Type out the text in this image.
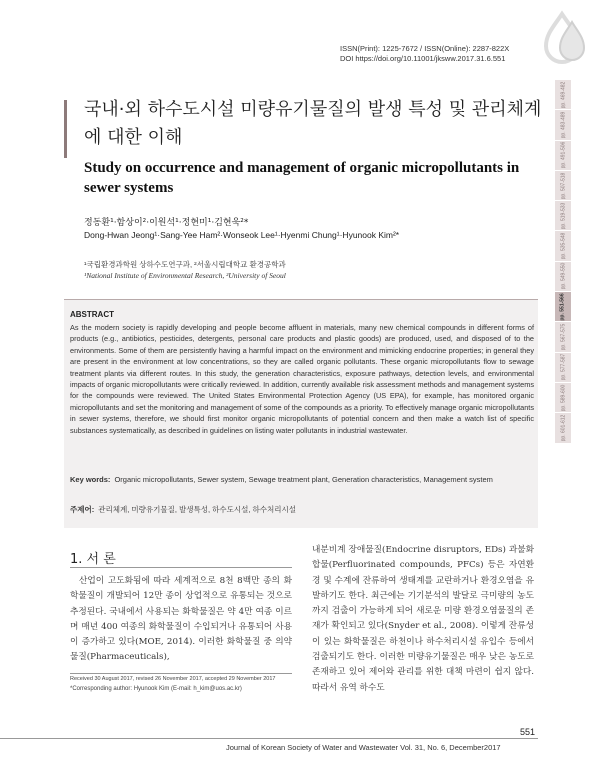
ISSN(Print): 1225-7672 / ISSN(Online): 2287-822X
DOI https://doi.org/10.11001/jksww.2017.31.6.551
pp. 469-482
pp. 483-489
pp. 491-506
pp. 507-518
pp. 519-533
pp. 535-548
pp. 549-550
pp. 551-566
pp. 567-575
pp. 577-587
pp. 589-600
pp. 601-612
국내·외 하수도시설 미량유기물질의 발생 특성 및 관리체계에 대한 이해
Study on occurrence and management of organic micropollutants in sewer systems
정동환¹·함상이²·이원석¹·정현미¹·김현욱²*
Dong-Hwan Jeong¹·Sang-Yee Ham²·Wonseok Lee¹·Hyenmi Chung¹·Hyunook Kim²*
¹국립환경과학원 상하수도연구과, ²서울시립대학교 환경공학과
¹National Institute of Environmental Research, ²University of Seoul
ABSTRACT
As the modern society is rapidly developing and people become affluent in materials, many new chemical compounds in different forms of products (e.g., antibiotics, pesticides, detergents, personal care products and plastic goods) are produced, used, and disposed of to the environments. Some of them are persistently having a harmful impact on the environment and mimicking endocrine properties; in general they are present in the environment at low concentrations, so they are called organic pollutants. These organic micropollutants flow to sewage treatment plants via different routes. In this study, the generation characteristics, exposure pathways, detection levels, and environmental impacts of organic micropollutants were critically reviewed. In addition, currently available risk assessment methods and management systems for the compounds were reviewed. The United States Environmental Protection Agency (US EPA), for example, has monitored organic micropollutants and set the monitoring and management of some of the compounds as a priority. To effectively manage organic micropollutants in sewer systems, therefore, we should first monitor organic micropollutants of potential concern and then make a watch list of specific substances systematically, as described in guidelines on listing water pollutants in industrial wastewater.
Key words: Organic micropollutants, Sewer system, Sewage treatment plant, Generation characteristics, Management system
주제어: 관리체계, 미량유기물질, 발생특성, 하수도시설, 하수처리시설
1. 서 론
산업이 고도화됨에 따라 세계적으로 8천 8백만 종의 화학물질이 개발되어 12만 종이 상업적으로 유통되는 것으로 추정된다. 국내에서 사용되는 화학물질은 약 4만 여종 이르며 매년 400 여종의 화학물질이 수입되거나 유통되어 사용이 증가하고 있다(MOE, 2014). 이러한 화학물질 중 의약물질(Pharmaceuticals),
내분비계 장애물질(Endocrine disruptors, EDs) 과불화합물(Perfluorinated compounds, PFCs) 등은 자연환경 및 수계에 잔류하여 생태계를 교란하거나 환경오염을 유발하기도 한다. 최근에는 기기분석의 발달로 극미량의 농도까지 검출이 가능하게 되어 새로운 미량 환경오염물질의 존재가 확인되고 있다(Snyder et al., 2008). 이렇게 잔류성이 있는 화학물질은 하천이나 하수처리시설 유입수 등에서 검출되기도 한다. 이러한 미량유기물질은 매우 낮은 농도로 존재하고 있어 제어와 관리를 위한 대책 마련이 쉽지 않다. 따라서 유역 하수도
Received 30 August 2017, revised 26 November 2017, accepted 29 November 2017
*Corresponding author: Hyunook Kim (E-mail: h_kim@uos.ac.kr)
551
Journal of Korean Society of Water and Wastewater Vol. 31, No. 6, December2017
